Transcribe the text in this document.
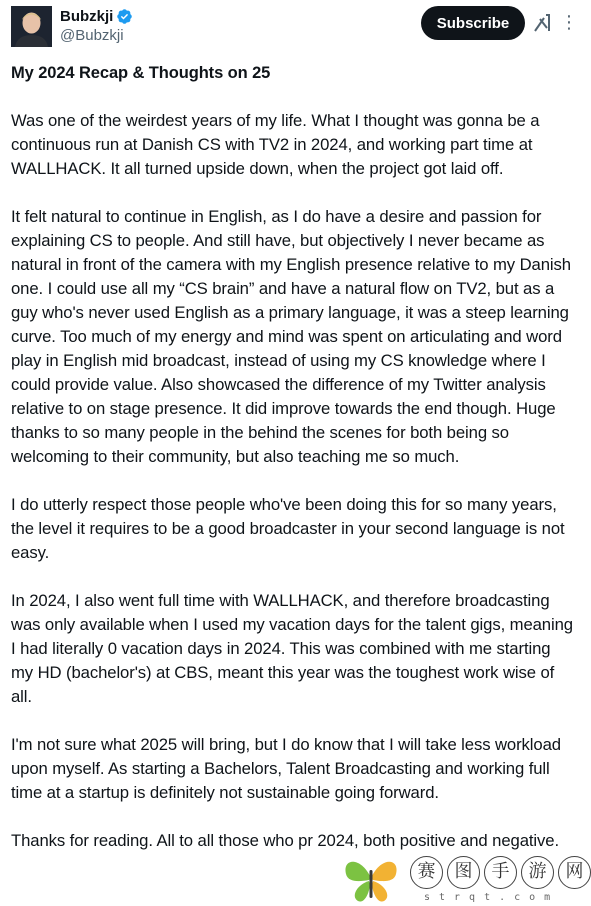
Bubzkji
@Bubzkji
Subscribe	⋮
My 2024 Recap & Thoughts on 25

Was one of the weirdest years of my life. What I thought was gonna be a continuous run at Danish CS with TV2 in 2024, and working part time at WALLHACK. It all turned upside down, when the project got laid off.

It felt natural to continue in English, as I do have a desire and passion for explaining CS to people. And still have, but objectively I never became as natural in front of the camera with my English presence relative to my Danish one. I could use all my “CS brain” and have a natural flow on TV2, but as a guy who's never used English as a primary language, it was a steep learning curve. Too much of my energy and mind was spent on articulating and word play in English mid broadcast, instead of using my CS knowledge where I could provide value. Also showcased the difference of my Twitter analysis relative to on stage presence. It did improve towards the end though. Huge thanks to so many people in the behind the scenes for both being so welcoming to their community, but also teaching me so much.

I do utterly respect those people who've been doing this for so many years, the level it requires to be a good broadcaster in your second language is not easy.

In 2024, I also went full time with WALLHACK, and therefore broadcasting was only available when I used my vacation days for the talent gigs, meaning I had literally 0 vacation days in 2024. This was combined with me starting my HD (bachelor's) at CBS, meant this year was the toughest work wise of all.

I'm not sure what 2025 will bring, but I do know that I will take less workload upon myself. As starting a Bachelors, Talent Broadcasting and working full time at a startup is definitely not sustainable going forward.

Thanks for reading. All to all those who pr 2024, both positive and negative.

赛	图	手	游	网
strqt.com
